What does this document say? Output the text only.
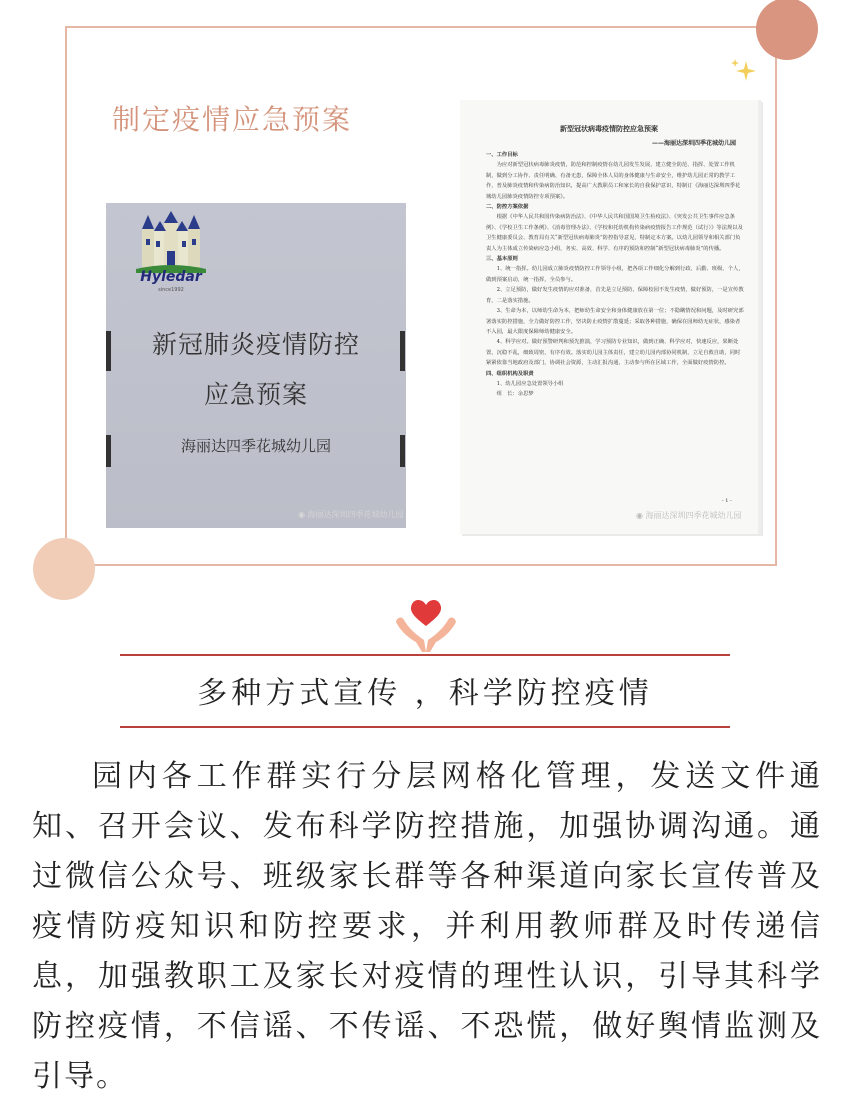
制定疫情应急预案
Hyledar
since1992
新冠肺炎疫情防控
应急预案
海丽达四季花城幼儿园
◉ 海丽达深圳四季花城幼儿园
新型冠状病毒疫情防控应急预案
——海丽达深圳四季花城幼儿园

一、工作目标

为应对新型冠状病毒肺炎疫情，防范和控制疫情在幼儿园发生发展，建立健全防范、指挥、处置工作机制，做到分工协作、责任明确、有备无患，保障全体人员的身体健康与生命安全，维护幼儿园正常的教学工作，普及肺炎疫情和传染病防治知识，提高广大教职员工和家长的自我保护意识，特制订《海丽达深圳四季花城幼儿园肺炎疫情防控专项预案》。

二、防控方案依据

根据《中华人民共和国传染病防治法》、《中华人民共和国国境卫生检疫法》、《突发公共卫生事件应急条例》、《学校卫生工作条例》、《消毒管理办法》、《学校和托幼机构传染病疫情报告工作规范（试行）》等法规以及卫生健康委员会、教育局有关“新型冠状病毒肺炎”防控指导意见，特制定本方案。以幼儿园领导和相关部门负责人为主体成立传染病应急小组，务实、高效、科学、有序的预防和控制“新型冠状病毒肺炎”的传播。

三、基本原则

1、统一指挥。幼儿园成立肺炎疫情防控工作领导小组，把各项工作细化分解到行政、后勤、班级、个人，做到预案启动，统一指挥，全员参与。

2、立足预防，做好发生疫情的应对准备，首先是立足预防，保障校园不发生疫情，做好预防，一是宣传教育，二是落实措施。

3、生命为本，以师幼生命为本，把师幼生命安全和身体健康放在第一位；不隐瞒情况和问题，及时研究部署落实防控措施，全力做好防控工作，坚决防止疫情扩散蔓延；采取各种措施，确保在园师幼无症状，感染者不入园，最大限度保障师幼健康安全。

4、科学应对。做好预警研判和预先推演，学习预防专业知识，做到正确、科学应对，快速反应，果断处置，沉稳不乱，细致周密，有序有效。落实幼儿园主体责任，建立幼儿园内部协同机制，立足自救自助，同时紧紧依靠当地政府及部门，协调社会资源，主动汇报沟通，主动参与所在区域工作，全面做好疫情防控。

四、组织机构及职责

1、幼儿园应急处置领导小组

组　长：余思梦

- 1 -
◉ 海丽达深圳四季花城幼儿园
多种方式宣传 ，科学防控疫情
园内各工作群实行分层网格化管理，发送文件通知、召开会议、发布科学防控措施，加强协调沟通。通过微信公众号、班级家长群等各种渠道向家长宣传普及疫情防疫知识和防控要求，并利用教师群及时传递信息，加强教职工及家长对疫情的理性认识，引导其科学防控疫情，不信谣、不传谣、不恐慌，做好舆情监测及引导。
